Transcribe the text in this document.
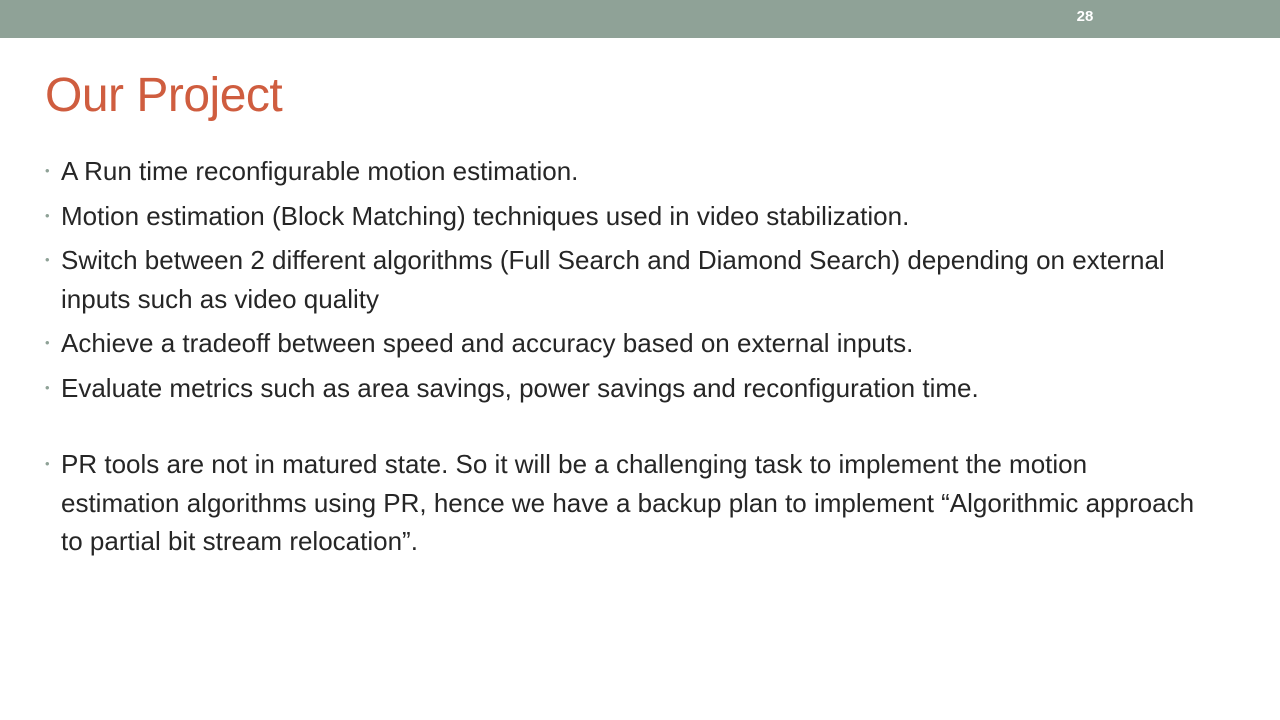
28
Our Project
• A Run time reconfigurable motion estimation.
• Motion estimation (Block Matching) techniques used in video stabilization.
• Switch between 2 different algorithms (Full Search and Diamond Search) depending on external inputs such as video quality
• Achieve a tradeoff between speed and accuracy based on external inputs.
• Evaluate metrics such as area savings, power savings and reconfiguration time.
• PR tools are not in matured state. So it will be a challenging task to implement the motion estimation algorithms using PR, hence we have a backup plan to implement “Algorithmic approach to partial bit stream relocation”.
